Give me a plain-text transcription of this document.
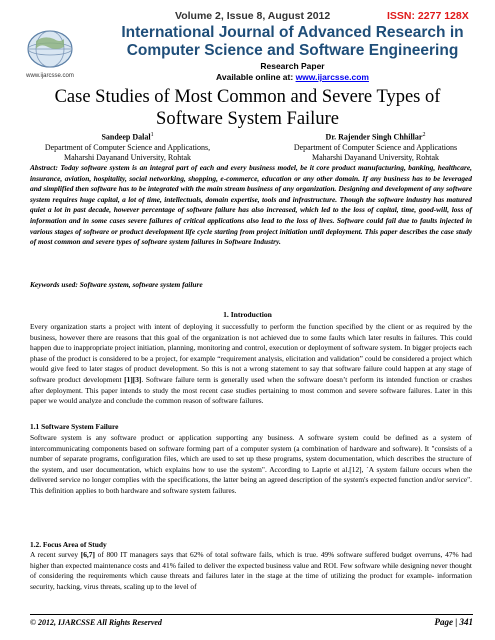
Volume 2, Issue 8, August 2012	ISSN: 2277 128X
www.ijarcsse.com
International Journal of Advanced Research in Computer Science and Software Engineering
Research Paper
Available online at: www.ijarcsse.com
Case Studies of Most Common and Severe Types of Software System Failure
Sandeep Dalal$^1$
Department of Computer Science and Applications,
Maharshi Dayanand University, Rohtak
Dr. Rajender Singh Chhillar$^2$
Department of Computer Science and Applications
Maharshi Dayanand University, Rohtak
Abstract: Today software system is an integral part of each and every business model, be it core product manufacturing, banking, healthcare, insurance, aviation, hospitality, social networking, shopping, e-commerce, education or any other domain. If any business has to be leveraged and simplified then software has to be integrated with the main stream business of any organization. Designing and development of any software system requires huge capital, a lot of time, intellectuals, domain expertise, tools and infrastructure. Though the software industry has matured quiet a lot in past decade, however percentage of software failure has also increased, which led to the loss of capital, time, good-will, loss of information and in some cases severe failures of critical applications also lead to the loss of lives. Software could fail due to faults injected in various stages of software or product development life cycle starting from project initiation until deployment. This paper describes the case study of most common and severe types of software system failures in Software Industry.
Keywords used: Software system, software system failure
1. Introduction
Every organization starts a project with intent of deploying it successfully to perform the function specified by the client or as required by the business, however there are reasons that this goal of the organization is not achieved due to some faults which later results in failures. This could happen due to inappropriate project initiation, planning, monitoring and control, execution or deployment of software system. In bigger projects each phase of the product is considered to be a project, for example “requirement analysis, elicitation and validation” could be considered a project which would give feed to later stages of product development. So this is not a wrong statement to say that software failure could happen at any stage of software product development [1][3]. Software failure term is generally used when the software doesn’t perform its intended function or crashes after deployment. This paper intends to study the most recent case studies pertaining to most common and severe software failures. Later in this paper we would analyze and conclude the common reason of software failures.
1.1 Software System Failure
Software system is any software product or application supporting any business. A software system could be defined as a system of intercommunicating components based on software forming part of a computer system (a combination of hardware and software). It "consists of a number of separate programs, configuration files, which are used to set up these programs, system documentation, which describes the structure of the system, and user documentation, which explains how to use the system". According to Laprie et al.[12], `A system failure occurs when the delivered service no longer complies with the specifications, the latter being an agreed description of the system's expected function and/or service". This definition applies to both hardware and software system failures.
1.2. Focus Area of Study
A recent survey [6,7] of 800 IT managers says that 62% of total software fails, which is true. 49% software suffered budget overruns, 47% had higher than expected maintenance costs and 41% failed to deliver the expected business value and ROI. Few software while designing never thought of considering the requirements which cause threats and failures later in the stage at the time of utilizing the product for example- information security, hacking, virus threats, scaling up to the level of
© 2012, IJARCSSE All Rights Reserved	Page | 341
